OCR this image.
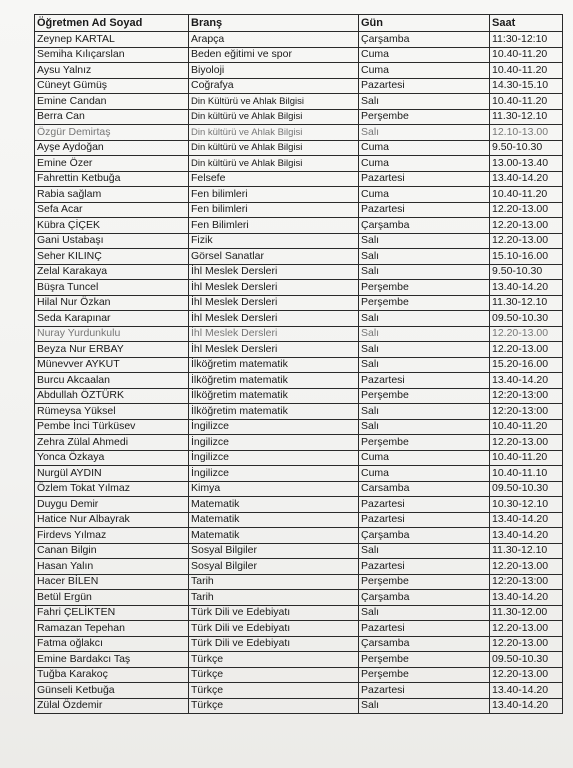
Öğretmen Ad Soyad	Branş	Gün	Saat
Zeynep KARTAL	Arapça	Çarşamba	11:30-12:10
Semiha Kılıçarslan	Beden eğitimi ve spor	Cuma	10.40-11.20
Aysu Yalnız	Biyoloji	Cuma	10.40-11.20
Cüneyt Gümüş	Coğrafya	Pazartesi	14.30-15.10
Emine Candan	Din Kültürü ve Ahlak Bilgisi	Salı	10.40-11.20
Berra Can	Din kültürü ve Ahlak Bilgisi	Perşembe	11.30-12.10
Özgür Demirtaş	Din kültürü ve Ahlak Bilgisi	Salı	12.10-13.00
Ayşe Aydoğan	Din kültürü ve Ahlak Bilgisi	Cuma	9.50-10.30
Emine Özer	Din kültürü ve Ahlak Bilgisi	Cuma	13.00-13.40
Fahrettin Ketbuğa	Felsefe	Pazartesi	13.40-14.20
Rabia sağlam	Fen bilimleri	Cuma	10.40-11.20
Sefa Acar	Fen bilimleri	Pazartesi	12.20-13.00
Kübra ÇİÇEK	Fen Bilimleri	Çarşamba	12.20-13.00
Gani Ustabaşı	Fizik	Salı	12.20-13.00
Seher KILINÇ	Görsel Sanatlar	Salı	15.10-16.00
Zelal Karakaya	İhl Meslek Dersleri	Salı	9.50-10.30
Büşra Tuncel	İhl Meslek Dersleri	Perşembe	13.40-14.20
Hilal Nur Özkan	İhl Meslek Dersleri	Perşembe	11.30-12.10
Seda Karapınar	İhl Meslek Dersleri	Salı	09.50-10.30
Nuray Yurdunkulu	İhl Meslek Dersleri	Salı	12.20-13.00
Beyza Nur ERBAY	İhl Meslek Dersleri	Salı	12.20-13.00
Münevver AYKUT	İlköğretim matematik	Salı	15.20-16.00
Burcu Akcaalan	İlköğretim matematik	Pazartesi	13.40-14.20
Abdullah ÖZTÜRK	İlköğretim matematik	Perşembe	12:20-13:00
Rümeysa Yüksel	İlköğretim matematik	Salı	12:20-13:00
Pembe İnci Türküsev	İngilizce	Salı	10.40-11.20
Zehra Zülal Ahmedi	İngilizce	Perşembe	12.20-13.00
Yonca Özkaya	İngilizce	Cuma	10.40-11.20
Nurgül AYDIN	İngilizce	Cuma	10.40-11.10
Özlem Tokat Yılmaz	Kimya	Carsamba	09.50-10.30
Duygu Demir	Matematik	Pazartesi	10.30-12.10
Hatice Nur Albayrak	Matematik	Pazartesi	13.40-14.20
Firdevs Yılmaz	Matematik	Çarşamba	13.40-14.20
Canan Bilgin	Sosyal Bilgiler	Salı	11.30-12.10
Hasan Yalın	Sosyal Bilgiler	Pazartesi	12.20-13.00
Hacer BİLEN	Tarih	Perşembe	12:20-13:00
Betül Ergün	Tarih	Çarşamba	13.40-14.20
Fahri ÇELİKTEN	Türk Dili ve Edebiyatı	Salı	11.30-12.00
Ramazan Tepehan	Türk Dili ve Edebiyatı	Pazartesi	12.20-13.00
Fatma oğlakcı	Türk Dili ve Edebiyatı	Çarsamba	12.20-13.00
Emine Bardakcı Taş	Türkçe	Perşembe	09.50-10.30
Tuğba Karakoç	Türkçe	Perşembe	12.20-13.00
Günseli Ketbuğa	Türkçe	Pazartesi	13.40-14.20
Zülal Özdemir	Türkçe	Salı	13.40-14.20
